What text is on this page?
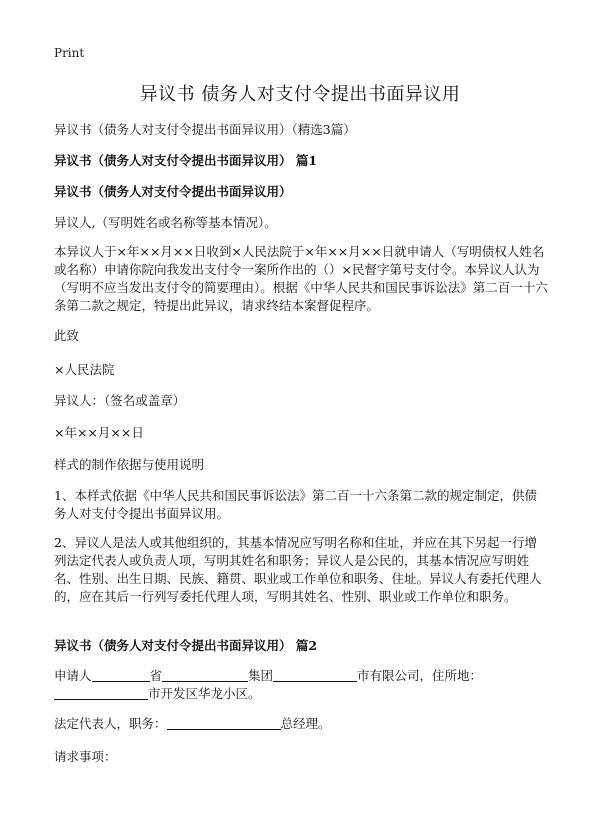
Print
异议书 债务人对支付令提出书面异议用

异议书（债务人对支付令提出书面异议用）（精选3篇）

异议书（债务人对支付令提出书面异议用） 篇1

异议书（债务人对支付令提出书面异议用）

异议人,（写明姓名或名称等基本情况）。

本异议人于×年××月××日收到×人民法院于×年××月××日就申请人（写明债权人姓名或名称）申请你院向我发出支付令一案所作出的（）×民督字第号支付令。本异议人认为（写明不应当发出支付令的简要理由）。根据《中华人民共和国民事诉讼法》第二百一十六条第二款之规定，特提出此异议，请求终结本案督促程序。

此致

×人民法院

异议人：（签名或盖章）

×年××月××日

样式的制作依据与使用说明

1、本样式依据《中华人民共和国民事诉讼法》第二百一十六条第二款的规定制定，供债务人对支付令提出书面异议用。

2、异议人是法人或其他组织的，其基本情况应写明名称和住址，并应在其下另起一行增列法定代表人或负责人项，写明其姓名和职务；异议人是公民的，其基本情况应写明姓名、性别、出生日期、民族、籍贯、职业或工作单位和职务、住址。异议人有委托代理人的，应在其后一行列写委托代理人项，写明其姓名、性别、职业或工作单位和职务。

异议书（债务人对支付令提出书面异议用） 篇2

申请人	省	集团	市有限公司，住所地：
市开发区华龙小区。

法定代表人，职务：	总经理。

请求事项：
